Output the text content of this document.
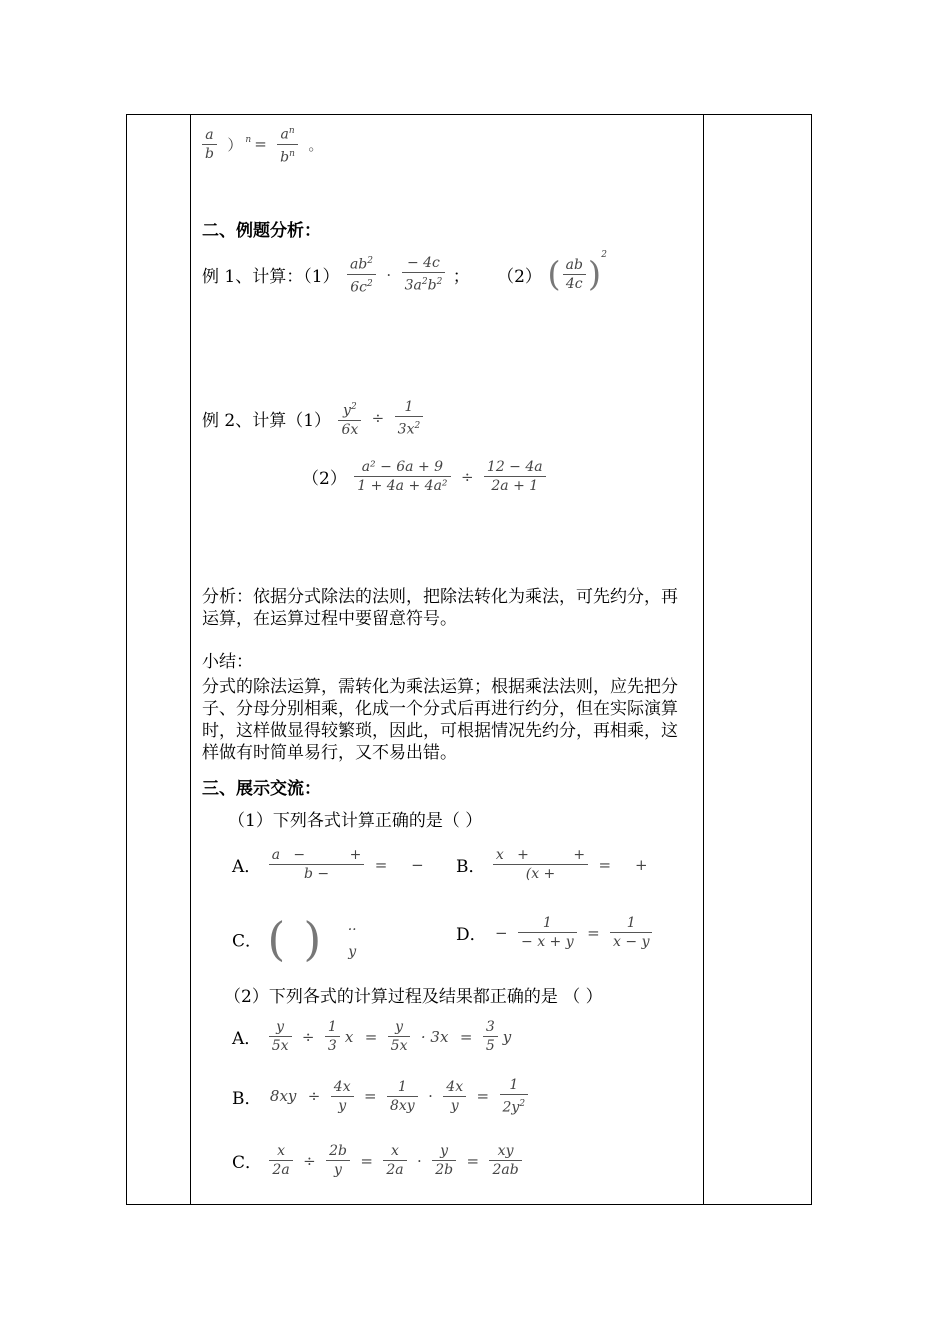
$\frac{a}{b}$ ） $^n = \frac{a^n}{b^n}$ 。
二、例题分析：
例 1、计算：$(1) \frac{ab^2}{6c^2} \cdot \frac{- 4c}{3a^2b^2}$ ； （2） ( $\frac{ab}{4c} )^2$
例 2、计算$(1) \frac{y^2}{6x} \div \frac{1}{3x^2}$
$(2) \frac{\text{a² − 6a + 9}}{\text{1 + 4a + 4a²}} \div \frac{12 - 4a}{2a + 1}$
分析：依据分式除法的法则，把除法转化为乘法，可先约分，再运算，在运算过程中要留意符号。
小结：
分式的除法运算，需转化为乘法运算；根据乘法法则，应先把分子、分母分别相乘，化成一个分式后再进行约分，但在实际演算时，这样做显得较繁琐，因此，可根据情况先约分，再相乘，这样做有时简单易行，又不易出错。
三、展示交流：
（1）下列各式计算正确的是（ ）
A． $\frac{a - +}{b -}$ =     − B． $\frac{x + +}{(x +}$ =     +
C． ( ) ..
y
D． − $\frac{1}{- x + y} = \frac{1}{x - y}$
（2）下列各式的计算过程及结果都正确的是 （ ）
A． $\frac{y}{5x} \div \frac{1}{3}$ $x = \frac{y}{5x} \cdot 3x = \frac{3}{5}$ y
B． $8xy \div \frac{4x}{y} = \frac{1}{8xy} \cdot \frac{4x}{y} = \frac{1}{2y^2}$
C． $\frac{x}{2a} \div \frac{2b}{y} = \frac{x}{2a} \cdot \frac{y}{2b} = \frac{xy}{2ab}$
